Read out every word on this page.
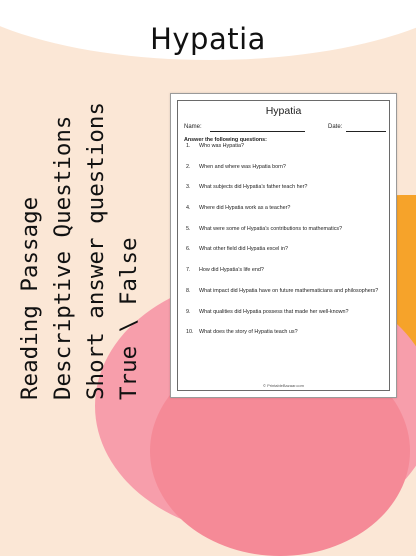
Hypatia
Reading Passage Descriptive Questions Short answer questions True \ False
Hypatia
Name:	Date:
Answer the following questions:
1. Who was Hypatia?
2. When and where was Hypatia born?
3. What subjects did Hypatia’s father teach her?
4. Where did Hypatia work as a teacher?
5. What were some of Hypatia’s contributions to mathematics?
6. What other field did Hypatia excel in?
7. How did Hypatia’s life end?
8. What impact did Hypatia have on future mathematicians and philosophers?
9. What qualities did Hypatia possess that made her well-known?
10. What does the story of Hypatia teach us?
© PrintableBazaar.com
